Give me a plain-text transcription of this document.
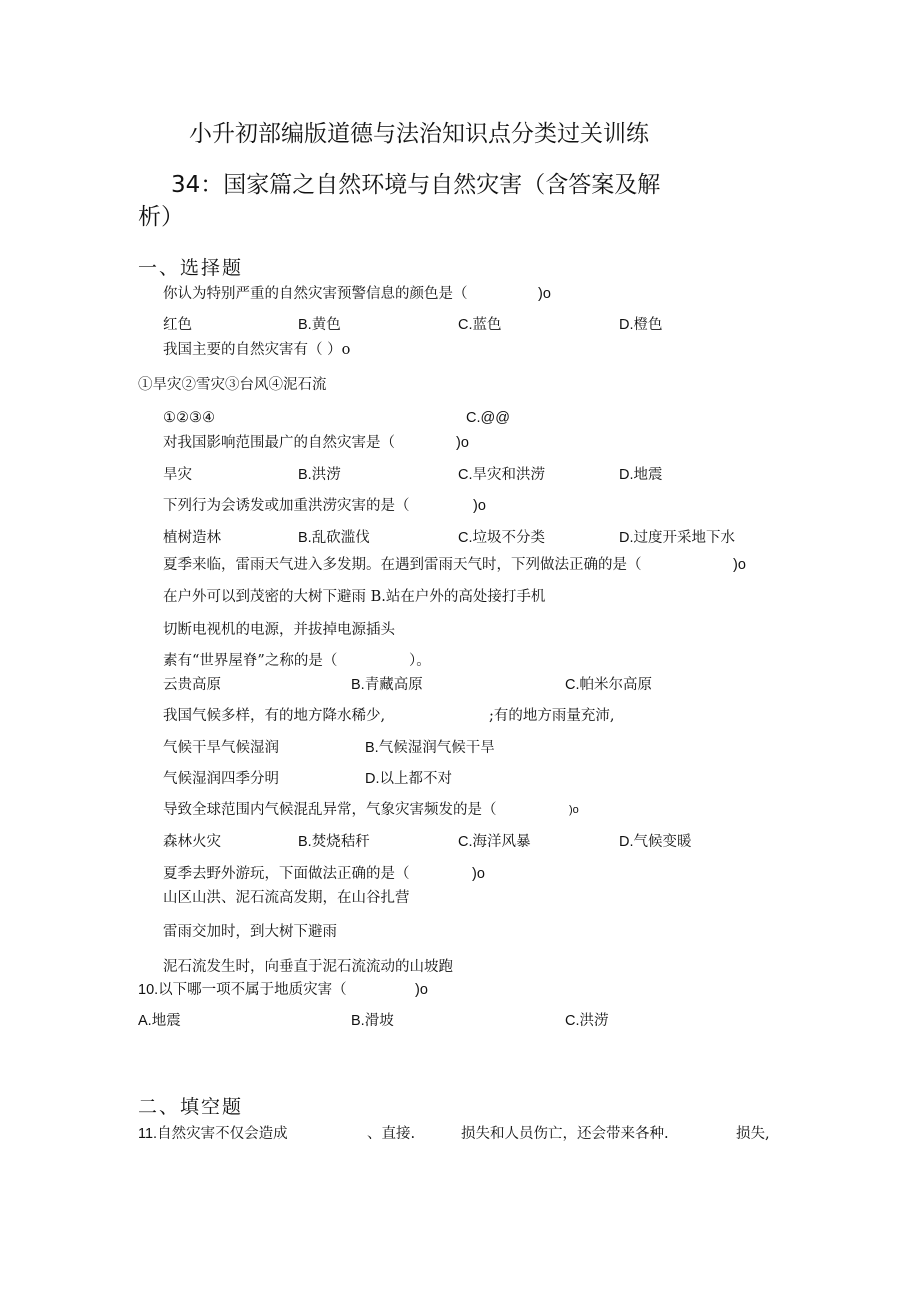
小升初部编版道德与法治知识点分类过关训练
34：国家篇之自然环境与自然灾害（含答案及解
析）
一、选择题
你认为特别严重的自然灾害预警信息的颜色是（	)o
红色	B.黄色	C.蓝色	D.橙色
我国主要的自然灾害有（ ）o
①旱灾②雪灾③台风④泥石流
①②③④	C.@@
对我国影响范围最广的自然灾害是（	)o
旱灾	B.洪涝	C.旱灾和洪涝	D.地震
下列行为会诱发或加重洪涝灾害的是（	)o
植树造林	B.乱砍滥伐	C.垃圾不分类	D.过度开采地下水
夏季来临，雷雨天气进入多发期。在遇到雷雨天气时，下列做法正确的是（	)o
在户外可以到茂密的大树下避雨 B.站在户外的高处接打手机
切断电视机的电源，并拔掉电源插头
素有“世界屋脊”之称的是（	）。
云贵高原	B.青藏高原	C.帕米尔高原
我国气候多样，有的地方降水稀少,	;有的地方雨量充沛,
气候干旱气候湿润	B.气候湿润气候干旱
气候湿润四季分明	D.以上都不对
导致全球范围内气候混乱异常，气象灾害频发的是（	)o
森林火灾	B.焚烧秸秆	C.海洋风暴	D.气候变暖
夏季去野外游玩，下面做法正确的是（	)o
山区山洪、泥石流高发期，在山谷扎营
雷雨交加时，到大树下避雨
泥石流发生时，向垂直于泥石流流动的山坡跑
10.以下哪一项不属于地质灾害（	)o
A.地震	B.滑坡	C.洪涝
二、填空题
11.自然灾害不仅会造成	、直接.	损失和人员伤亡，还会带来各种.	损失,
